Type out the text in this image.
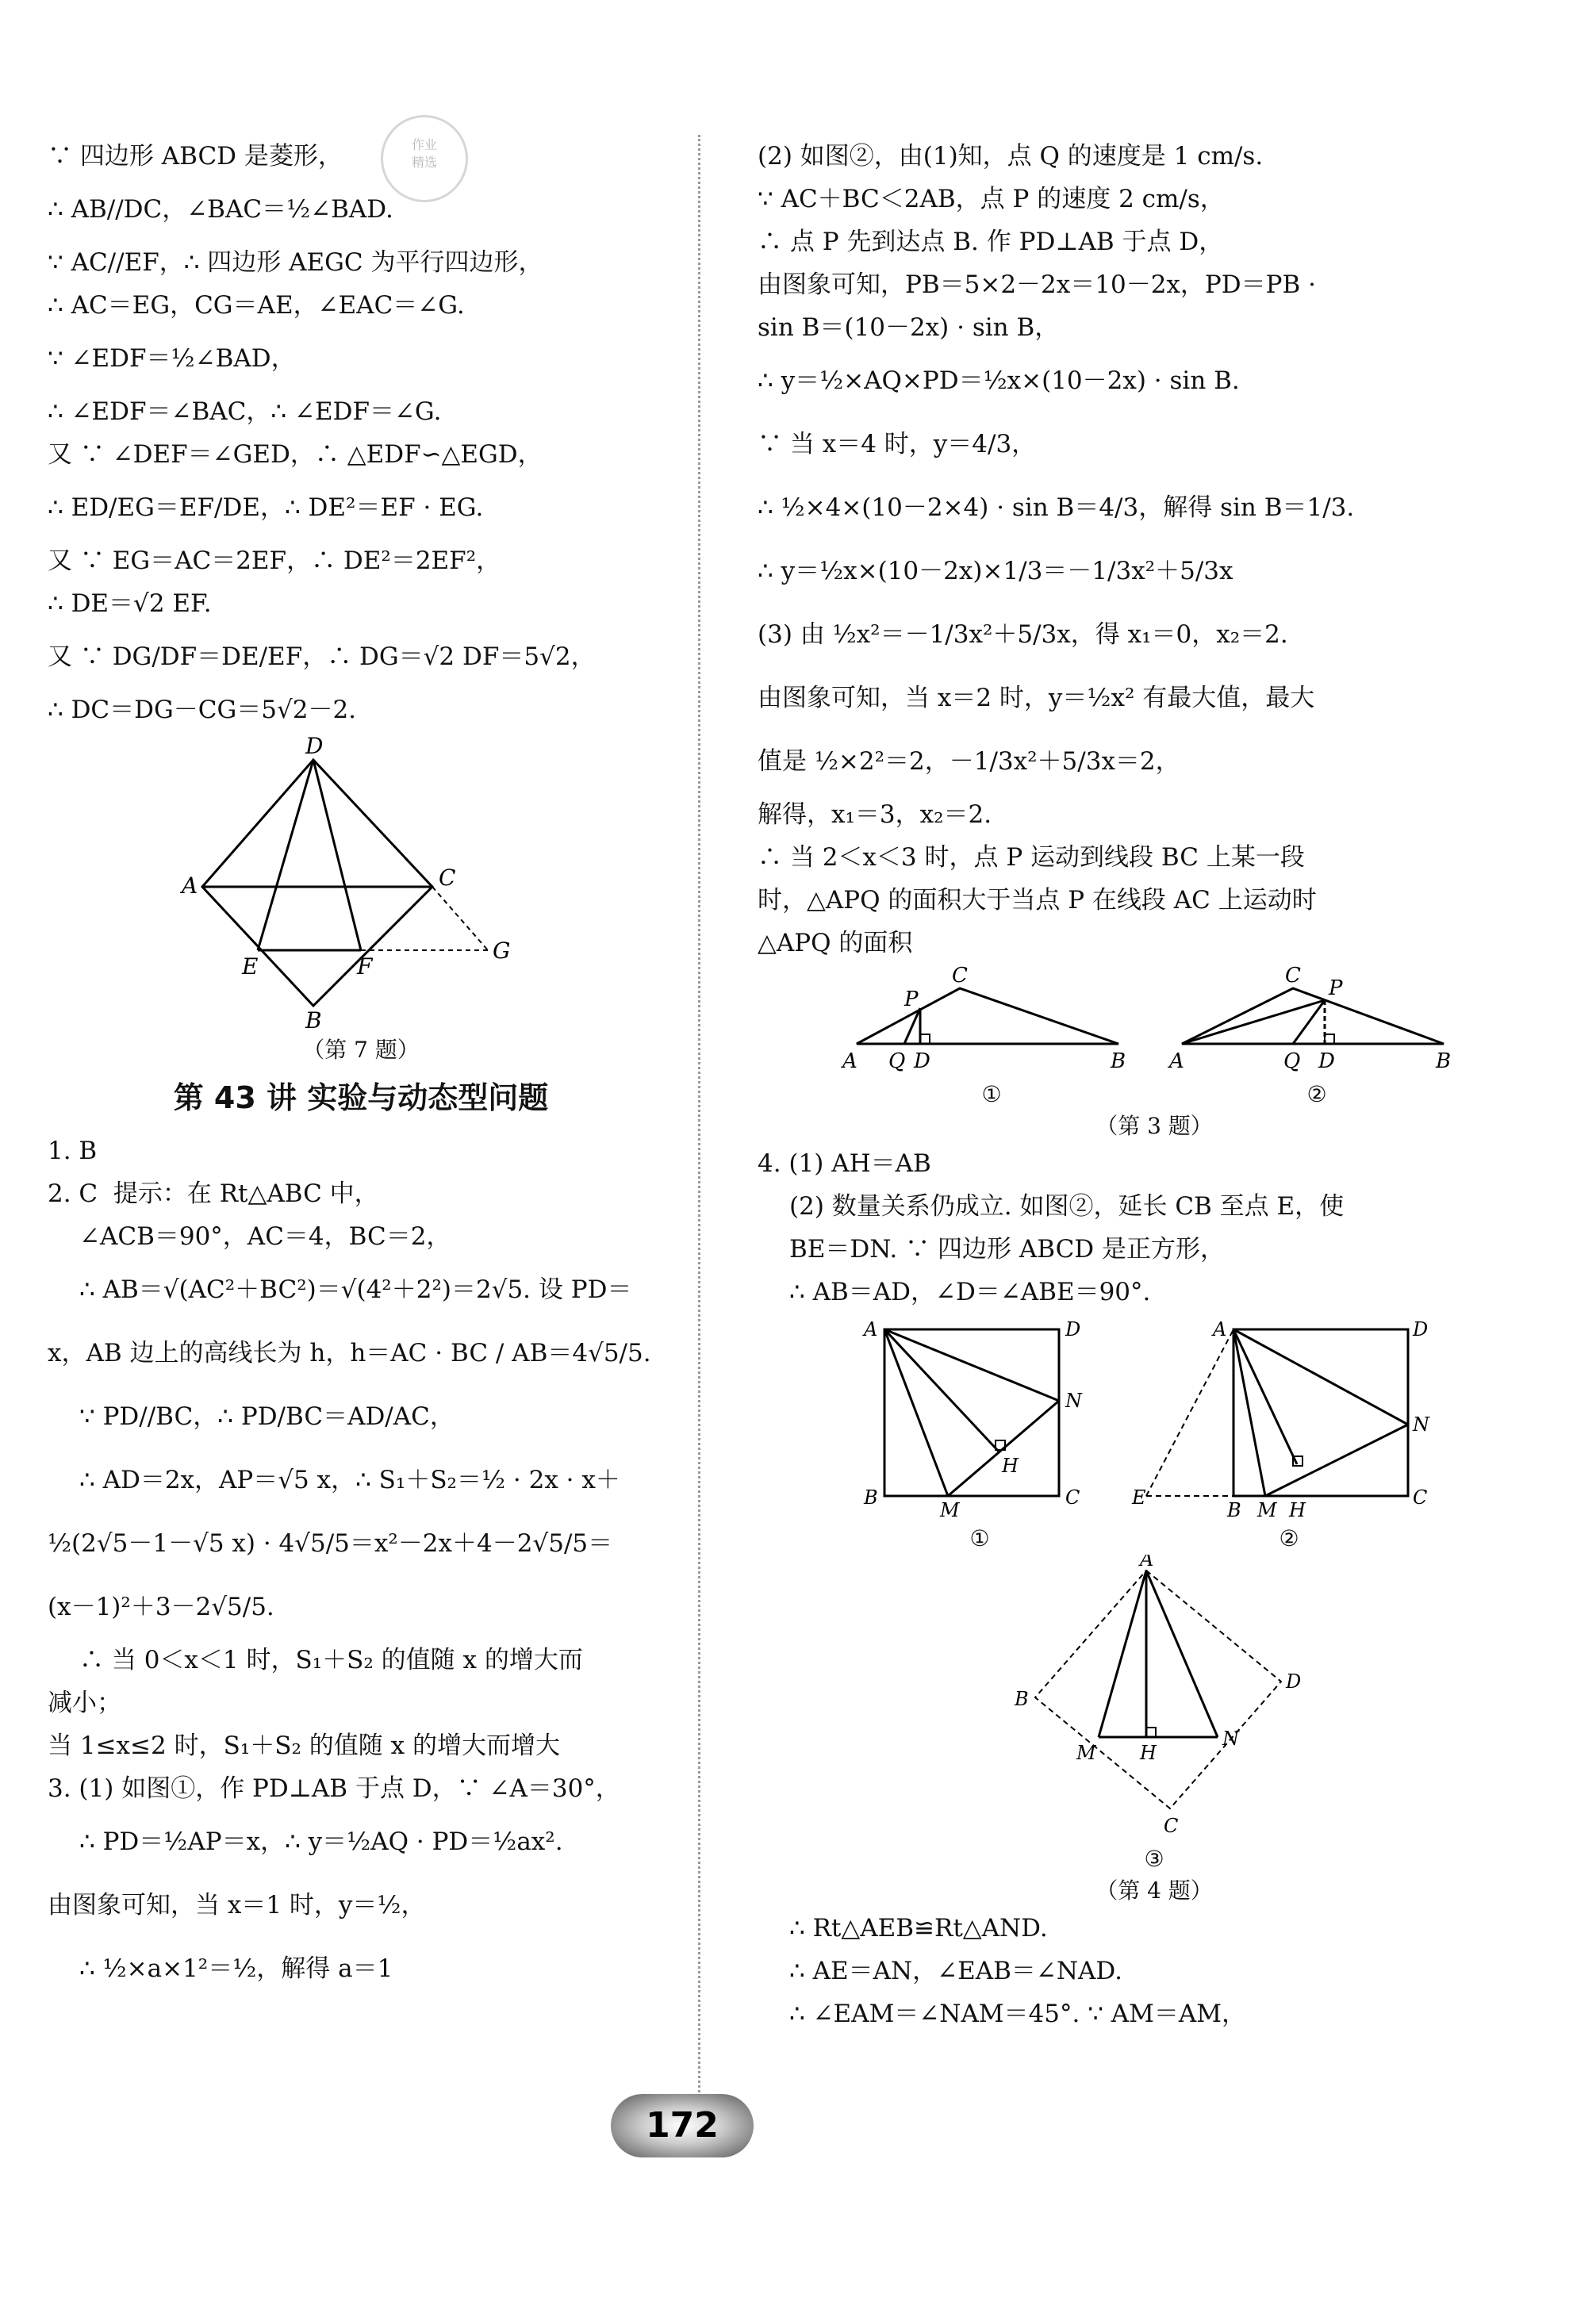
作业
精选
∵ 四边形 ABCD 是菱形，
∴ AB//DC，∠BAC＝½∠BAD.
∵ AC//EF，∴ 四边形 AEGC 为平行四边形，
∴ AC＝EG，CG＝AE，∠EAC＝∠G.
∵ ∠EDF＝½∠BAD，
∴ ∠EDF＝∠BAC，∴ ∠EDF＝∠G.
又 ∵ ∠DEF＝∠GED，∴ △EDF∽△EGD，
∴ ED/EG＝EF/DE，∴ DE²＝EF · EG.
又 ∵ EG＝AC＝2EF，∴ DE²＝2EF²，
∴ DE＝√2 EF.
又 ∵ DG/DF＝DE/EF，∴ DG＝√2 DF＝5√2，
∴ DC＝DG－CG＝5√2－2.
D
A	C
E	F
G
B
（第 7 题）
第 43 讲 实验与动态型问题
1. B
2. C  提示：在 Rt△ABC 中，
∠ACB＝90°，AC＝4，BC＝2，
∴ AB＝√(AC²＋BC²)＝√(4²＋2²)＝2√5. 设 PD＝
x，AB 边上的高线长为 h，h＝AC · BC / AB＝4√5/5.
∵ PD//BC，∴ PD/BC＝AD/AC，
∴ AD＝2x，AP＝√5 x，∴ S₁＋S₂＝½ · 2x · x＋
½(2√5－1－√5 x) · 4√5/5＝x²－2x＋4－2√5/5＝
(x－1)²＋3－2√5/5.
∴ 当 0＜x＜1 时，S₁＋S₂ 的值随 x 的增大而
减小；
当 1≤x≤2 时，S₁＋S₂ 的值随 x 的增大而增大
3. (1) 如图①，作 PD⊥AB 于点 D，∵ ∠A＝30°，
∴ PD＝½AP＝x，∴ y＝½AQ · PD＝½ax².
由图象可知，当 x＝1 时，y＝½，
∴ ½×a×1²＝½，解得 a＝1
(2) 如图②，由(1)知，点 Q 的速度是 1 cm/s.
∵ AC＋BC＜2AB，点 P 的速度 2 cm/s，
∴ 点 P 先到达点 B. 作 PD⊥AB 于点 D，
由图象可知，PB＝5×2－2x＝10－2x，PD＝PB ·
sin B＝(10－2x) · sin B，
∴ y＝½×AQ×PD＝½x×(10－2x) · sin B.
∵ 当 x＝4 时，y＝4/3，
∴ ½×4×(10－2×4) · sin B＝4/3，解得 sin B＝1/3.
∴ y＝½x×(10－2x)×1/3＝－1/3x²＋5/3x
(3) 由 ½x²＝－1/3x²＋5/3x，得 x₁＝0，x₂＝2.
由图象可知，当 x＝2 时，y＝½x² 有最大值，最大
值是 ½×2²＝2，－1/3x²＋5/3x＝2，
解得，x₁＝3，x₂＝2.
∴ 当 2＜x＜3 时，点 P 运动到线段 BC 上某一段
时，△APQ 的面积大于当点 P 在线段 AC 上运动时
△APQ 的面积
A Q D	B
C
P
①
A	Q D	B
C
P
②
（第 3 题）
4. (1) AH＝AB
(2) 数量关系仍成立. 如图②，延长 CB 至点 E，使
BE＝DN. ∵ 四边形 ABCD 是正方形，
∴ AB＝AD，∠D＝∠ABE＝90°.
A	D
N
H
B
M
C
①
A	D
N
E
B M H
C
②
A
D
B
M H
N
C
③
（第 4 题）
∴ Rt△AEB≌Rt△AND.
∴ AE＝AN，∠EAB＝∠NAD.
∴ ∠EAM＝∠NAM＝45°. ∵ AM＝AM，
172
